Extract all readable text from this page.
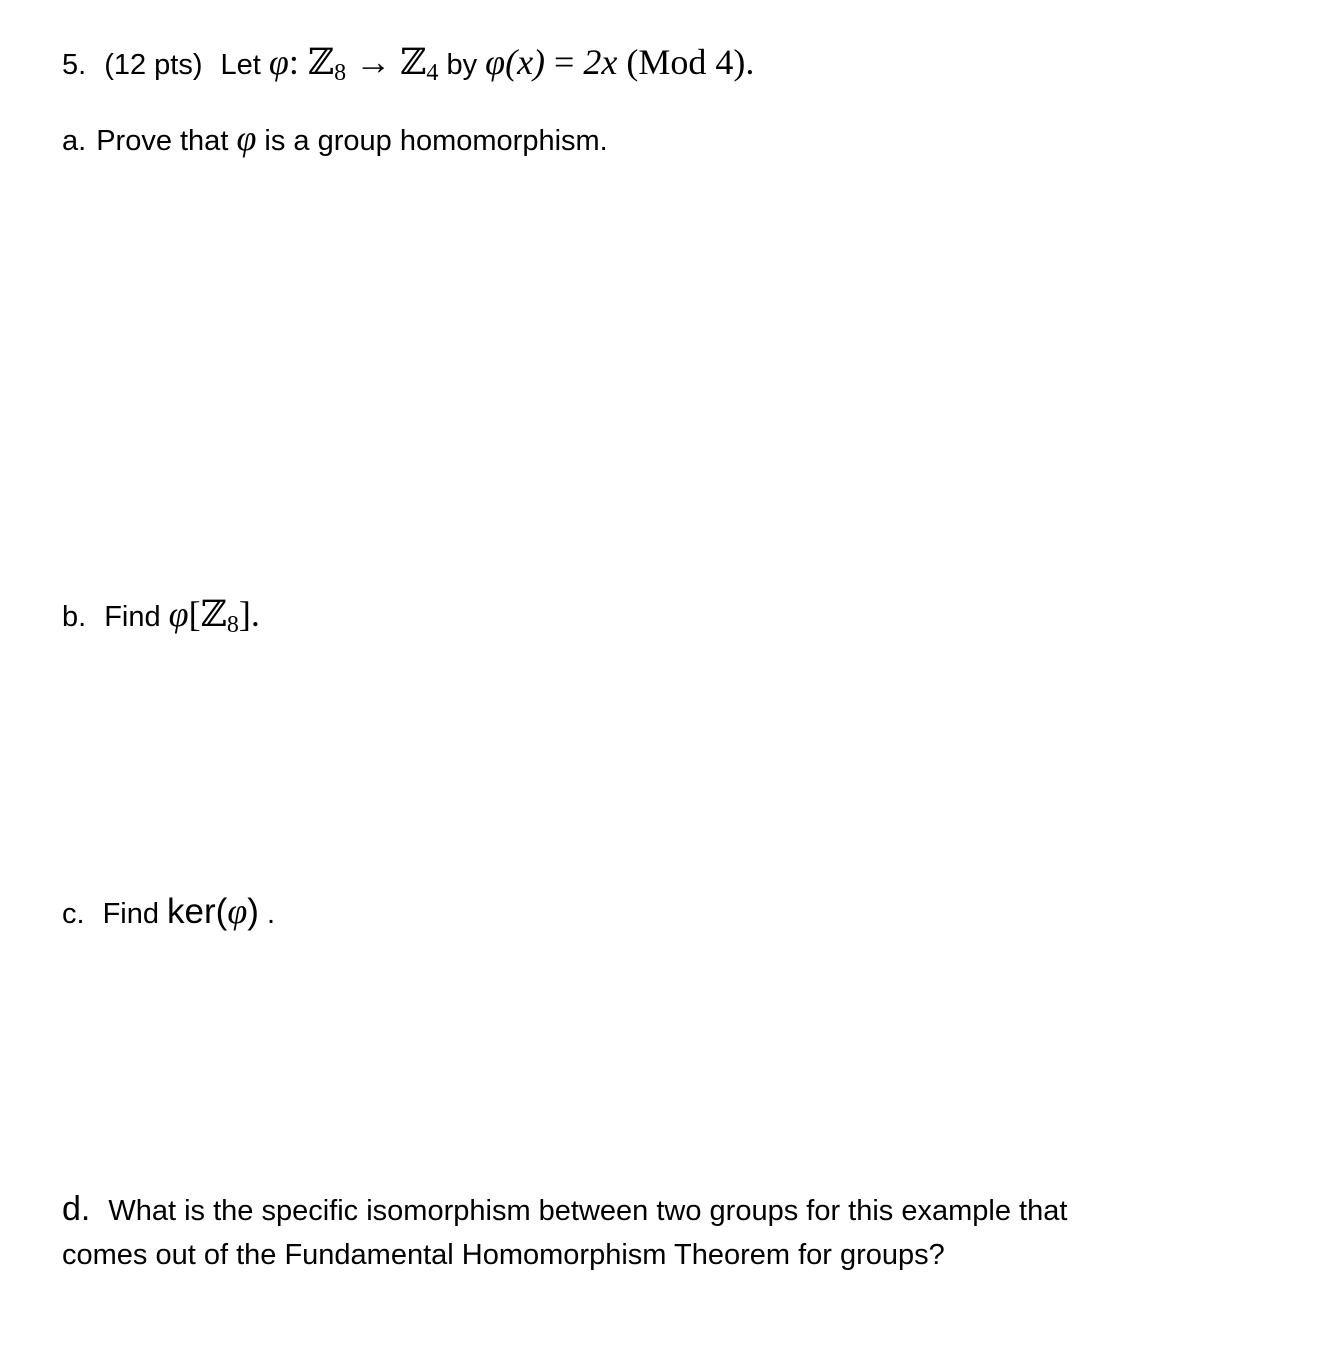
5. (12 pts) Let φ: ℤ$_8$ → ℤ$_4$ by φ(x) = 2x (Mod 4).
a. Prove that φ is a group homomorphism.
b. Find φ[ℤ$_8$].
c. Find ker(φ) .
d. What is the specific isomorphism between two groups for this example that
comes out of the Fundamental Homomorphism Theorem for groups?
